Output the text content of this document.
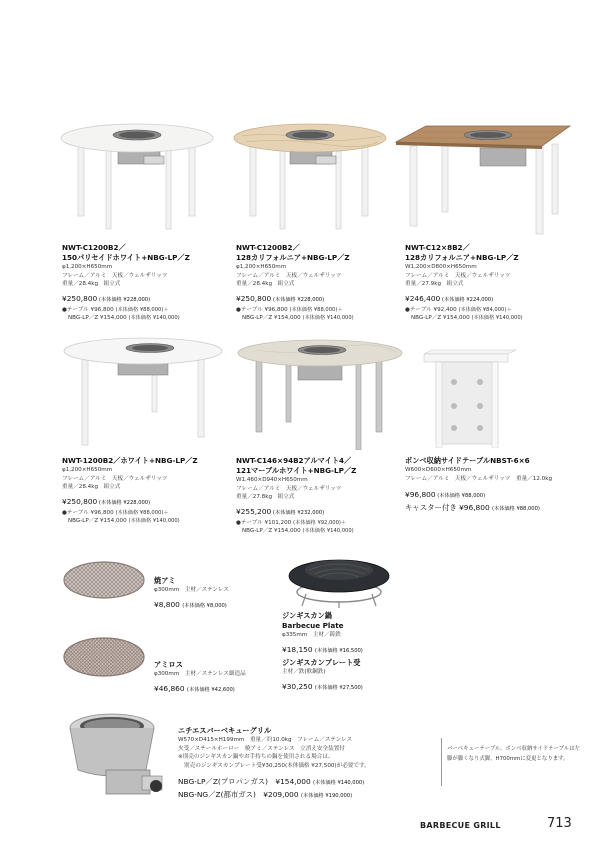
NWT-C1200B2／
150パリセイドホワイト+NBG-LP／Z
φ1,200×H650mm
フレーム／アルミ　天板／ウェルザリッツ
重量／28.4kg　組立式
¥250,800 (本体価格 ¥228,000)
●テーブル ¥96,800 (本体価格 ¥88,000)＋
NBG-LP／Z ¥154,000 (本体価格 ¥140,000)
NWT-C1200B2／
128カリフォルニア+NBG-LP／Z
φ1,200×H650mm
フレーム／アルミ　天板／ウェルザリッツ
重量／28.4kg　組立式
¥250,800 (本体価格 ¥228,000)
●テーブル ¥96,800 (本体価格 ¥88,000)＋
NBG-LP／Z ¥154,000 (本体価格 ¥140,000)
NWT-C12×8B2／
128カリフォルニア+NBG-LP／Z
W1,200×D800×H650mm
フレーム／アルミ　天板／ウェルザリッツ
重量／27.9kg　組立式
¥246,400 (本体価格 ¥224,000)
●テーブル ¥92,400 (本体価格 ¥84,000)＋
NBG-LP／Z ¥154,000 (本体価格 ¥140,000)
NWT-1200B2／ホワイト+NBG-LP／Z
φ1,200×H650mm
フレーム／アルミ　天板／ウェルザリッツ
重量／28.4kg　組立式
¥250,800 (本体価格 ¥228,000)
●テーブル ¥96,800 (本体価格 ¥88,000)＋
NBG-LP／Z ¥154,000 (本体価格 ¥140,000)
NWT-C146×94B2アルマイト4／
121マーブルホワイト+NBG-LP／Z
W1,460×D940×H650mm
フレーム／アルミ　天板／ウェルザリッツ
重量／27.8kg　組立式
¥255,200 (本体価格 ¥232,000)
●テーブル ¥101,200 (本体価格 ¥92,000)＋
NBG-LP／Z ¥154,000 (本体価格 ¥140,000)
ボンベ収納サイドテーブルNBST-6×6
W600×D600×H650mm
フレーム／アルミ　天板／ウェルザリッツ　重量／12.0kg
¥96,800 (本体価格 ¥88,000)
キャスター付き ¥96,800 (本体価格 ¥88,000)
焼アミ
φ300mm　主材／ステンレス
¥8,800 (本体価格 ¥8,000)
アミロス
φ300mm　主材／ステンレス細造品
¥46,860 (本体価格 ¥42,600)
ジンギスカン鍋
Barbecue Plate
φ335mm　主材／鋳鉄
¥18,150 (本体価格 ¥16,500)
ジンギスカンプレート受
主材／鉄(軟鋼鉄)
¥30,250 (本体価格 ¥27,500)
ニチエスバーベキューグリル
W570×D415×H199mm　重量／約10.0kg　フレーム／ステンレス
火受／スチールホーロー　焼アミ／ステンレス　立消え安全装置付
※別売のジンギスカン鍋やお手持ちの鍋を使用される場合は、
別売のジンギスカンプレート受¥30,250(本体価格 ¥27,500)が必要です。
NBG-LP／Z(プロパンガス)　¥154,000 (本体価格 ¥140,000)
NBG-NG／Z(都市ガス)　¥209,000 (本体価格 ¥190,000)
バーベキューテーブル、ボンベ収納サイドテーブルは左脚が脚くなり式脚。H700mmに変更となります。
BARBECUE GRILL	713
